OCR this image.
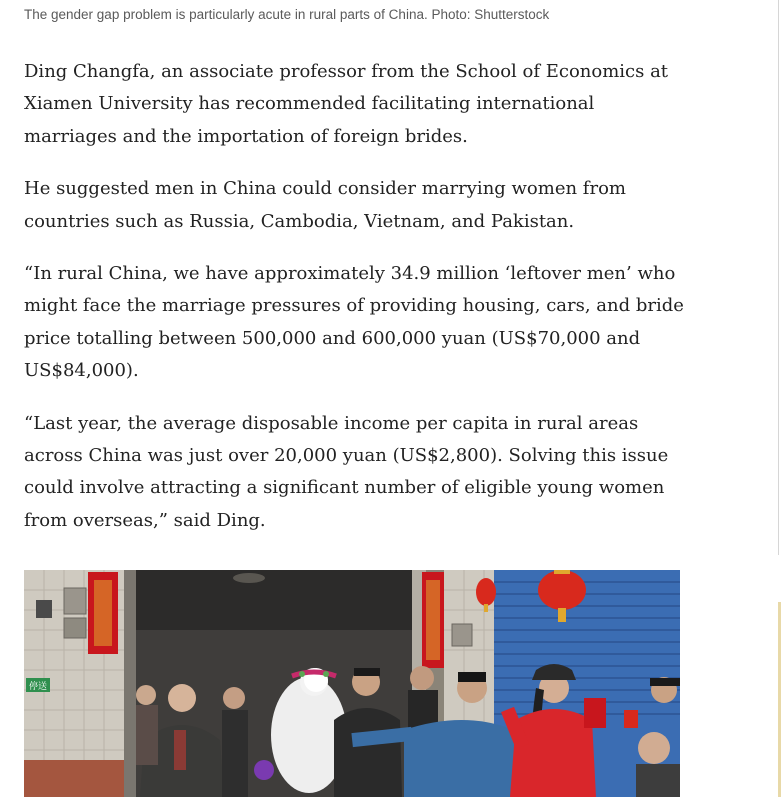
The gender gap problem is particularly acute in rural parts of China. Photo: Shutterstock

Ding Changfa, an associate professor from the School of Economics at Xiamen University has recommended facilitating international marriages and the importation of foreign brides.

He suggested men in China could consider marrying women from countries such as Russia, Cambodia, Vietnam, and Pakistan.

“In rural China, we have approximately 34.9 million ‘leftover men’ who might face the marriage pressures of providing housing, cars, and bride price totalling between 500,000 and 600,000 yuan (US$70,000 and US$84,000).

“Last year, the average disposable income per capita in rural areas across China was just over 20,000 yuan (US$2,800). Solving this issue could involve attracting a significant number of eligible young women from overseas,” said Ding.

停送
